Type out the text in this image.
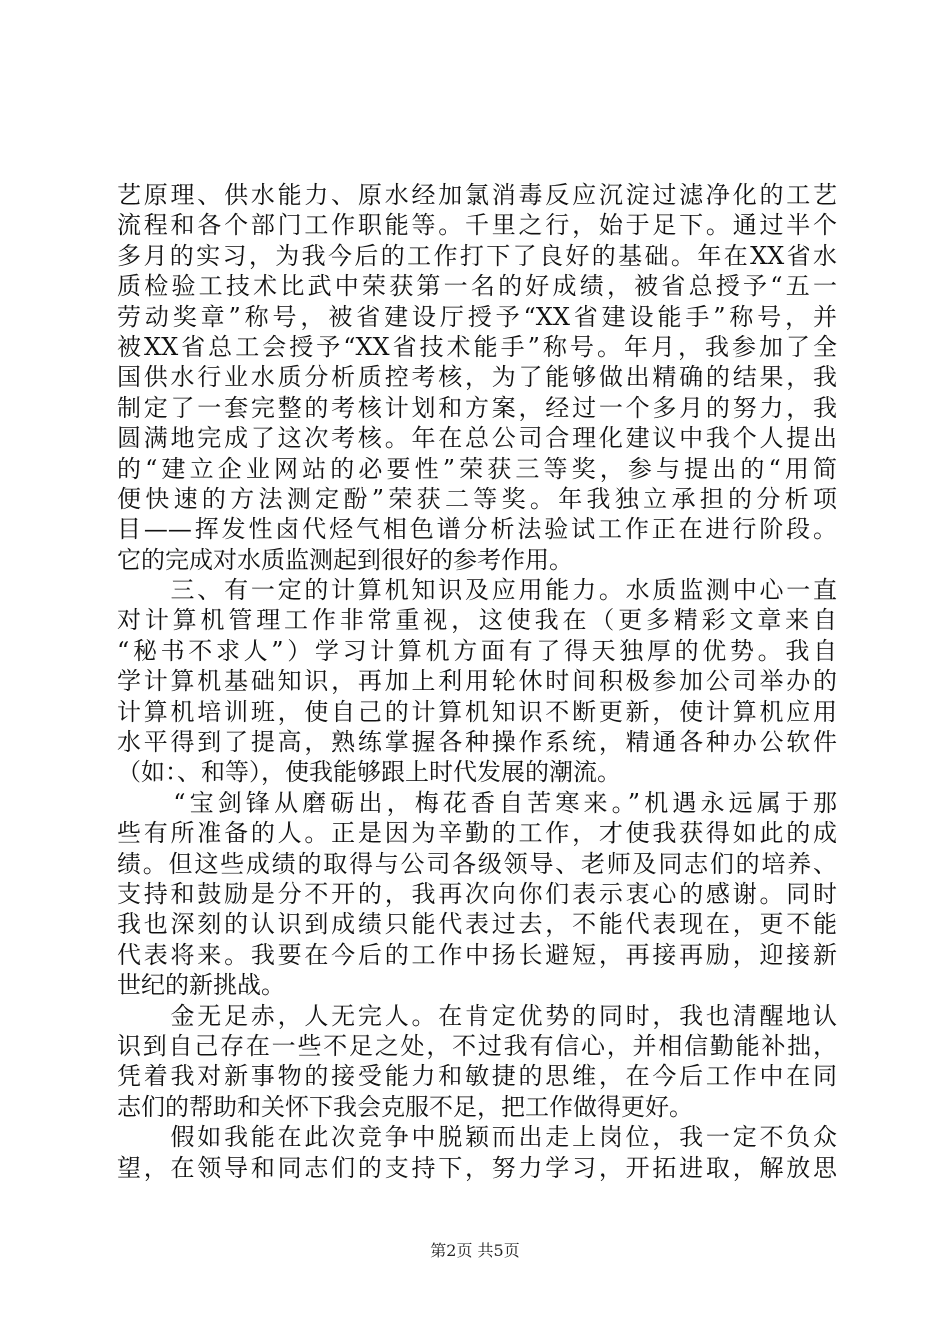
艺原理、供水能力、原水经加氯消毒反应沉淀过滤净化的工艺
流程和各个部门工作职能等。千里之行，始于足下。通过半个
多月的实习，为我今后的工作打下了良好的基础。年在XX省水
质检验工技术比武中荣获第一名的好成绩，被省总授予“五一
劳动奖章”称号，被省建设厅授予“XX省建设能手”称号，并
被XX省总工会授予“XX省技术能手”称号。年月，我参加了全
国供水行业水质分析质控考核，为了能够做出精确的结果，我
制定了一套完整的考核计划和方案，经过一个多月的努力，我
圆满地完成了这次考核。年在总公司合理化建议中我个人提出
的“建立企业网站的必要性”荣获三等奖，参与提出的“用简
便快速的方法测定酚”荣获二等奖。年我独立承担的分析项
目——挥发性卤代烃气相色谱分析法验试工作正在进行阶段。
它的完成对水质监测起到很好的参考作用。
　　三、有一定的计算机知识及应用能力。水质监测中心一直
对计算机管理工作非常重视，这使我在（更多精彩文章来自
“秘书不求人”）学习计算机方面有了得天独厚的优势。我自
学计算机基础知识，再加上利用轮休时间积极参加公司举办的
计算机培训班，使自己的计算机知识不断更新，使计算机应用
水平得到了提高，熟练掌握各种操作系统，精通各种办公软件
（如：、和等），使我能够跟上时代发展的潮流。
　　“宝剑锋从磨砺出，梅花香自苦寒来。”机遇永远属于那
些有所准备的人。正是因为辛勤的工作，才使我获得如此的成
绩。但这些成绩的取得与公司各级领导、老师及同志们的培养、
支持和鼓励是分不开的，我再次向你们表示衷心的感谢。同时
我也深刻的认识到成绩只能代表过去，不能代表现在，更不能
代表将来。我要在今后的工作中扬长避短，再接再励，迎接新
世纪的新挑战。
　　金无足赤，人无完人。在肯定优势的同时，我也清醒地认
识到自己存在一些不足之处，不过我有信心，并相信勤能补拙，
凭着我对新事物的接受能力和敏捷的思维，在今后工作中在同
志们的帮助和关怀下我会克服不足，把工作做得更好。
　　假如我能在此次竞争中脱颖而出走上岗位，我一定不负众
望，在领导和同志们的支持下，努力学习，开拓进取，解放思
第2页 共5页
